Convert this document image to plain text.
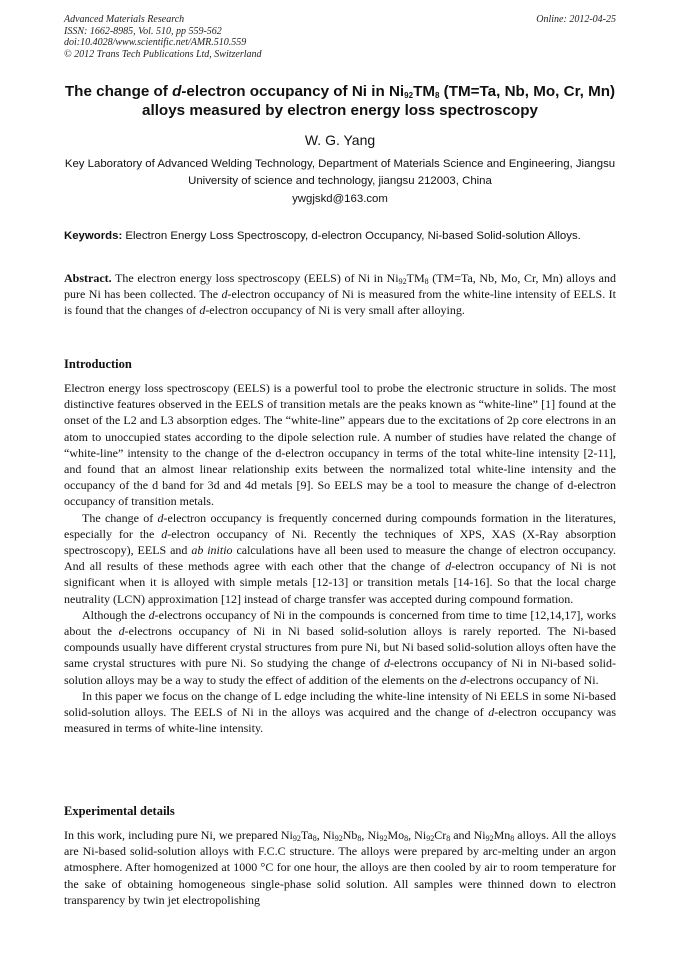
Advanced Materials Research
ISSN: 1662-8985, Vol. 510, pp 559-562
doi:10.4028/www.scientific.net/AMR.510.559
© 2012 Trans Tech Publications Ltd, Switzerland
Online: 2012-04-25
The change of d-electron occupancy of Ni in $Ni_{92}TM_8$ (TM=Ta, Nb, Mo, Cr, Mn) alloys measured by electron energy loss spectroscopy
W. G. Yang
Key Laboratory of Advanced Welding Technology, Department of Materials Science and Engineering, Jiangsu University of science and technology, jiangsu 212003, China
ywgjskd@163.com
Keywords: Electron Energy Loss Spectroscopy, d-electron Occupancy, Ni-based Solid-solution Alloys.
Abstract. The electron energy loss spectroscopy (EELS) of Ni in $Ni_{92}TM_8$ (TM=Ta, Nb, Mo, Cr, Mn) alloys and pure Ni has been collected. The d-electron occupancy of Ni is measured from the white-line intensity of EELS. It is found that the changes of d-electron occupancy of Ni is very small after alloying.
Introduction

Electron energy loss spectroscopy (EELS) is a powerful tool to probe the electronic structure in solids. The most distinctive features observed in the EELS of transition metals are the peaks known as “white-line” [1] found at the onset of the L2 and L3 absorption edges. The “white-line” appears due to the excitations of 2p core electrons in an atom to unoccupied states according to the dipole selection rule. A number of studies have related the change of “white-line” intensity to the change of the d-electron occupancy in terms of the total white-line intensity [2-11], and found that an almost linear relationship exits between the normalized total white-line intensity and the occupancy of the d band for 3d and 4d metals [9]. So EELS may be a tool to measure the change of d-electron occupancy of transition metals.

The change of d-electron occupancy is frequently concerned during compounds formation in the literatures, especially for the d-electron occupancy of Ni. Recently the techniques of XPS, XAS (X-Ray absorption spectroscopy), EELS and ab initio calculations have all been used to measure the change of electron occupancy. And all results of these methods agree with each other that the change of d-electron occupancy of Ni is not significant when it is alloyed with simple metals [12-13] or transition metals [14-16]. So that the local charge neutrality (LCN) approximation [12] instead of charge transfer was accepted during compound formation.

Although the d-electrons occupancy of Ni in the compounds is concerned from time to time [12,14,17], works about the d-electrons occupancy of Ni in Ni based solid-solution alloys is rarely reported. The Ni-based compounds usually have different crystal structures from pure Ni, but Ni based solid-solution alloys often have the same crystal structures with pure Ni. So studying the change of d-electrons occupancy of Ni in Ni-based solid-solution alloys may be a way to study the effect of addition of the elements on the d-electrons occupancy of Ni.

In this paper we focus on the change of L edge including the white-line intensity of Ni EELS in some Ni-based solid-solution alloys. The EELS of Ni in the alloys was acquired and the change of d-electron occupancy was measured in terms of white-line intensity.

Experimental details

In this work, including pure Ni, we prepared $Ni_{92}Ta_8$, $Ni_{92}Nb_8$, $Ni_{92}Mo_8$, $Ni_{92}Cr_8$ and $Ni_{92}Mn_8$ alloys. All the alloys are Ni-based solid-solution alloys with F.C.C structure. The alloys were prepared by arc-melting under an argon atmosphere. After homogenized at 1000 °C for one hour, the alloys are then cooled by air to room temperature for the sake of obtaining homogeneous single-phase solid solution. All samples were thinned down to electron transparency by twin jet electropolishing
